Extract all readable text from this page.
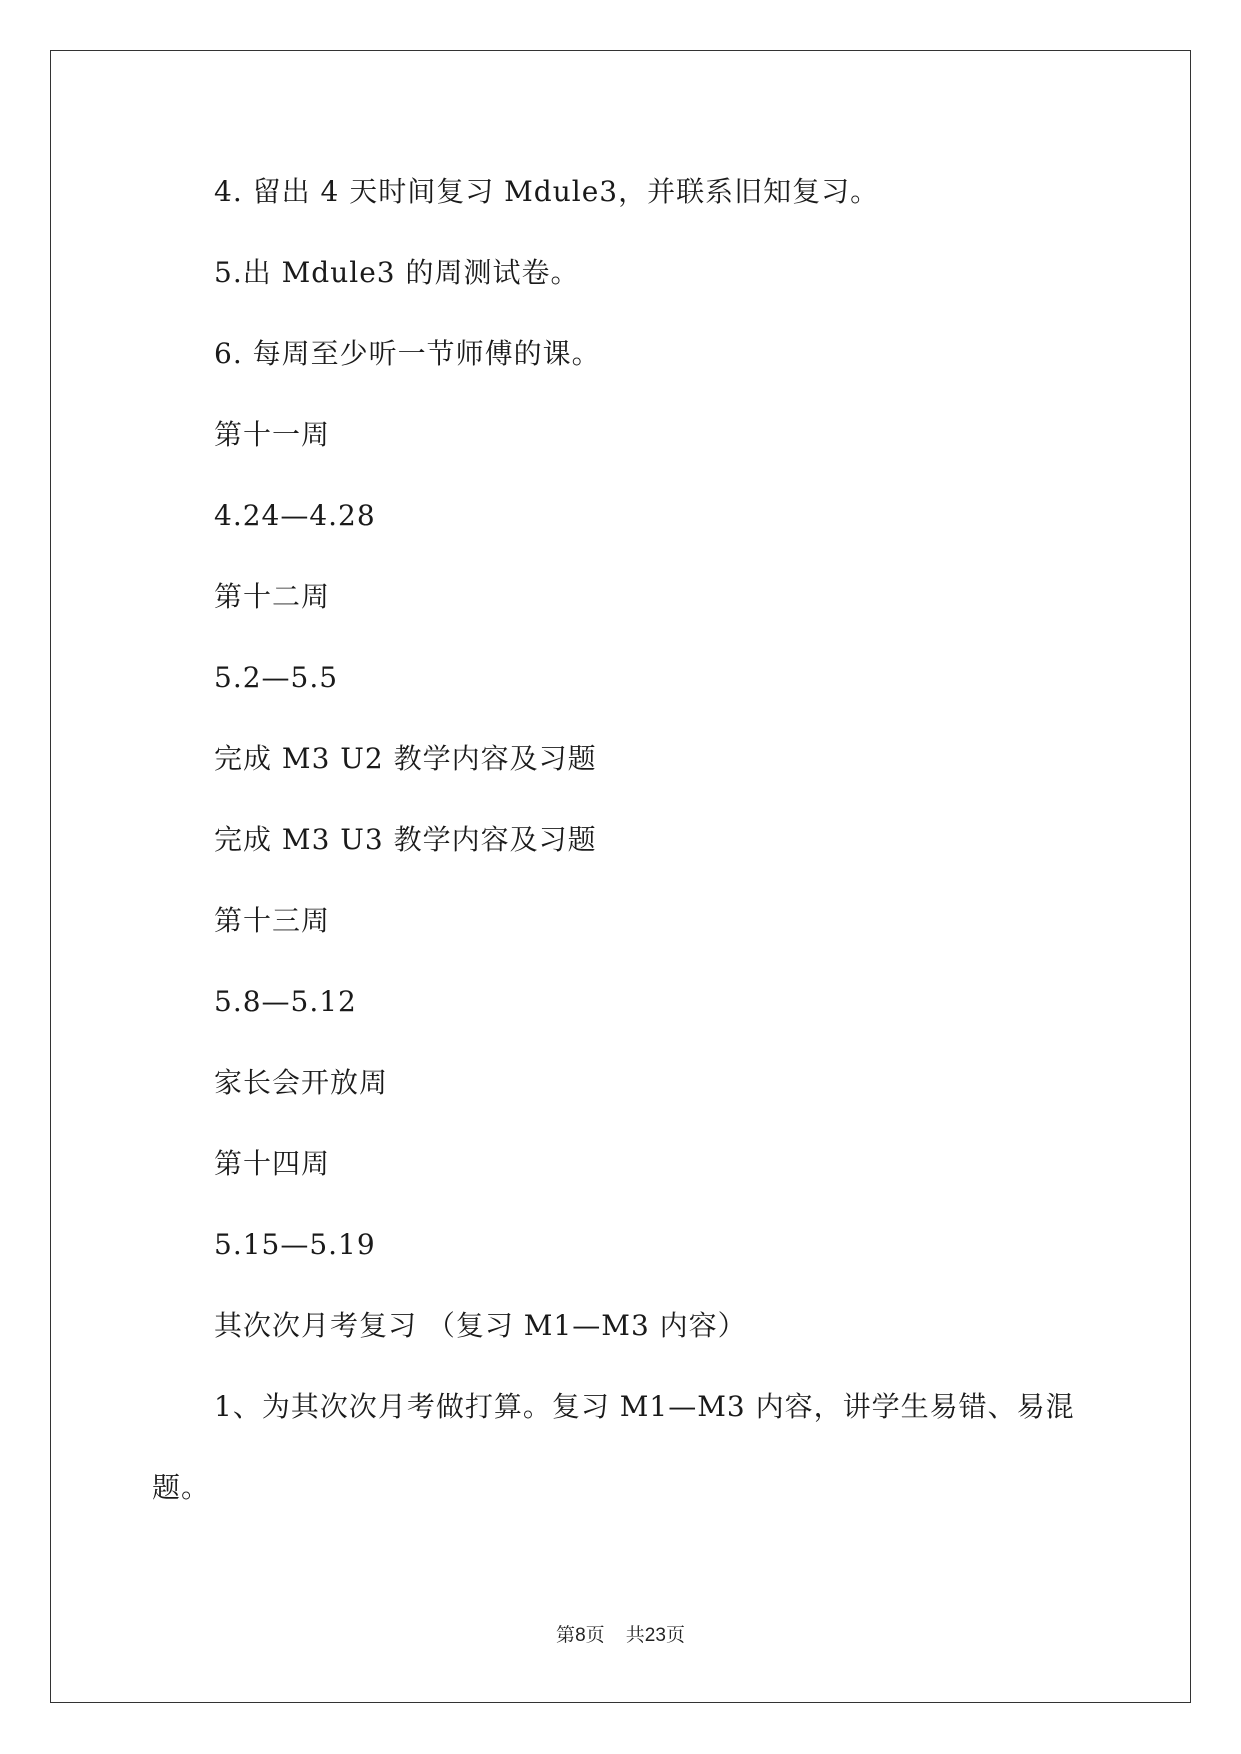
4. 留出 4 天时间复习 Mdule3，并联系旧知复习。
5.出 Mdule3 的周测试卷。
6. 每周至少听一节师傅的课。
第十一周
4.24—4.28
第十二周
5.2—5.5
完成 M3 U2 教学内容及习题
完成 M3 U3 教学内容及习题
第十三周
5.8—5.12
家长会开放周
第十四周
5.15—5.19
其次次月考复习 （复习 M1—M3 内容）
1、为其次次月考做打算。复习 M1—M3 内容，讲学生易错、易混
题。
第8页 共23页
